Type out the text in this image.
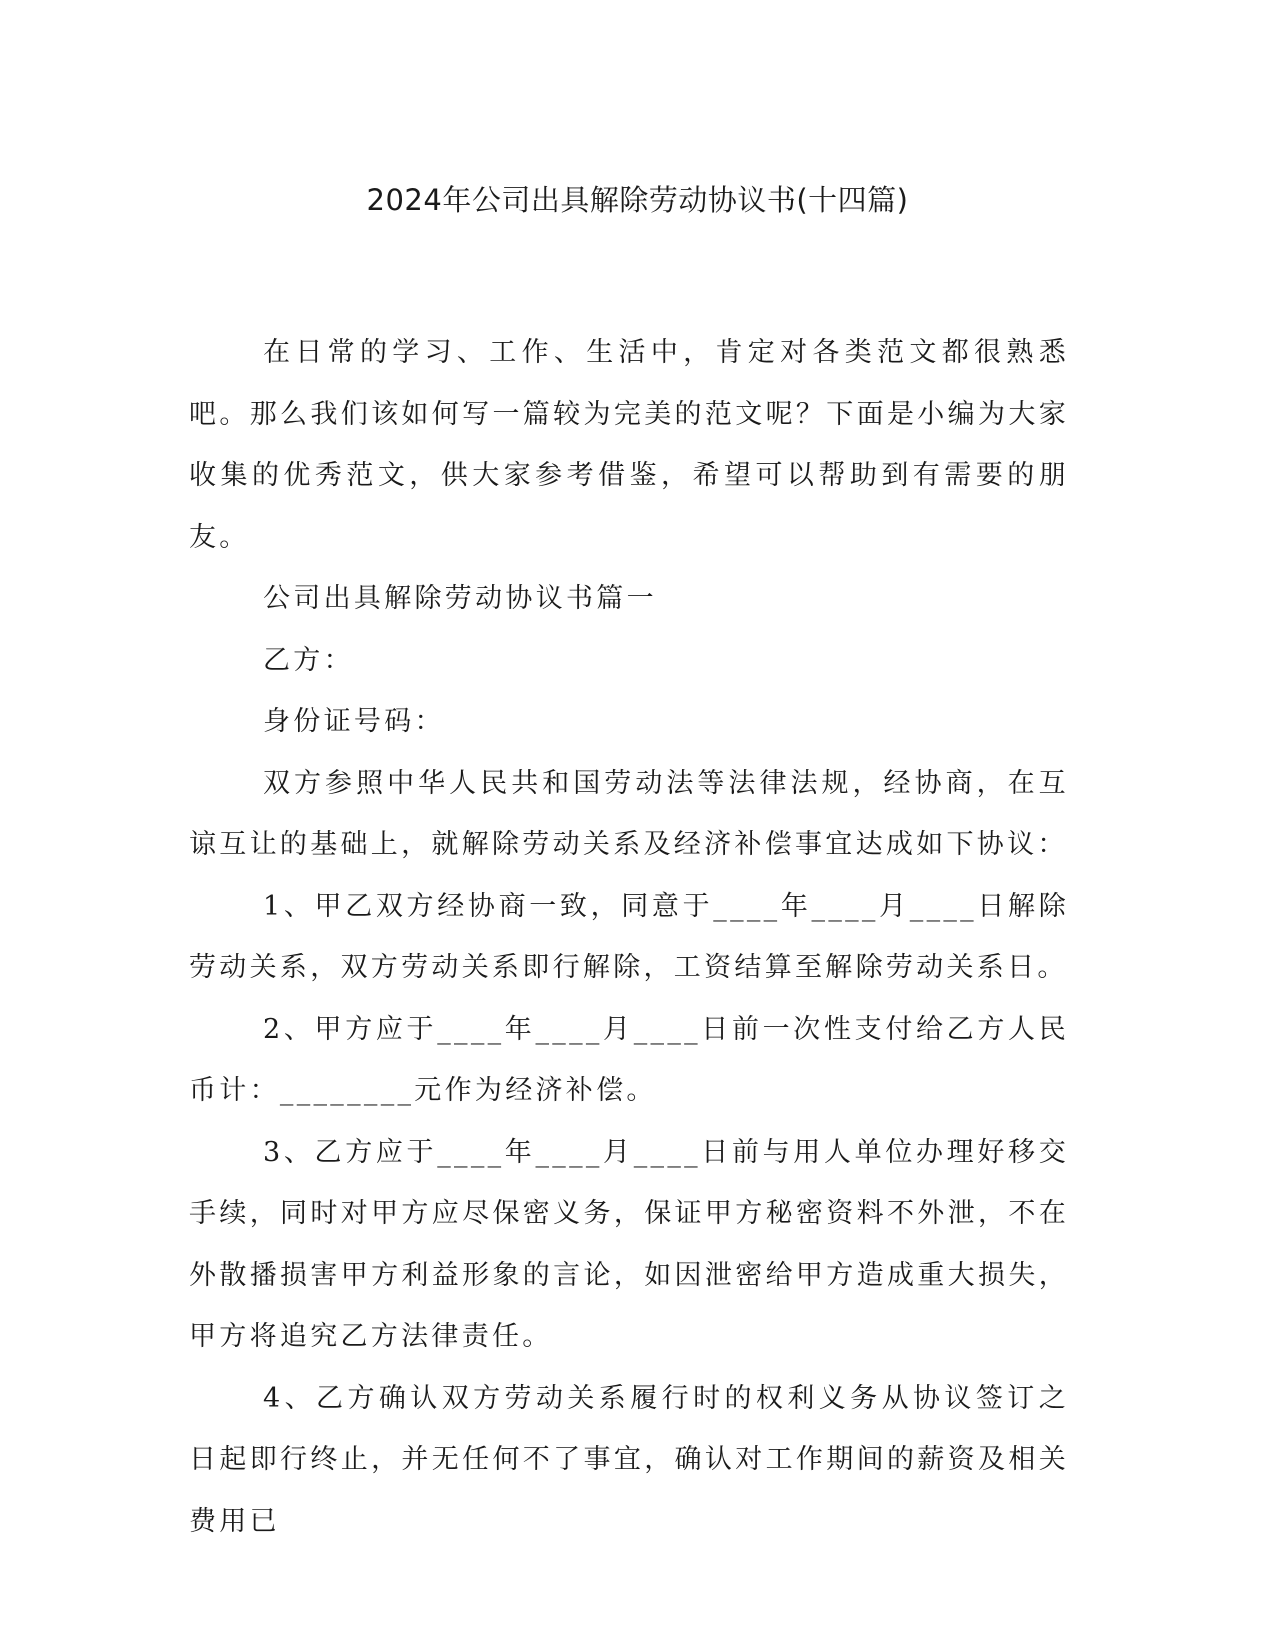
2024年公司出具解除劳动协议书(十四篇)

在日常的学习、工作、生活中，肯定对各类范文都很熟悉吧。那么我们该如何写一篇较为完美的范文呢？下面是小编为大家收集的优秀范文，供大家参考借鉴，希望可以帮助到有需要的朋友。

公司出具解除劳动协议书篇一

乙方：

身份证号码：

双方参照中华人民共和国劳动法等法律法规，经协商，在互谅互让的基础上，就解除劳动关系及经济补偿事宜达成如下协议：

1、甲乙双方经协商一致，同意于____年____月____日解除劳动关系，双方劳动关系即行解除，工资结算至解除劳动关系日。

2、甲方应于____年____月____日前一次性支付给乙方人民币计：________元作为经济补偿。

3、乙方应于____年____月____日前与用人单位办理好移交手续，同时对甲方应尽保密义务，保证甲方秘密资料不外泄，不在外散播损害甲方利益形象的言论，如因泄密给甲方造成重大损失，甲方将追究乙方法律责任。

4、乙方确认双方劳动关系履行时的权利义务从协议签订之日起即行终止，并无任何不了事宜，确认对工作期间的薪资及相关费用已
